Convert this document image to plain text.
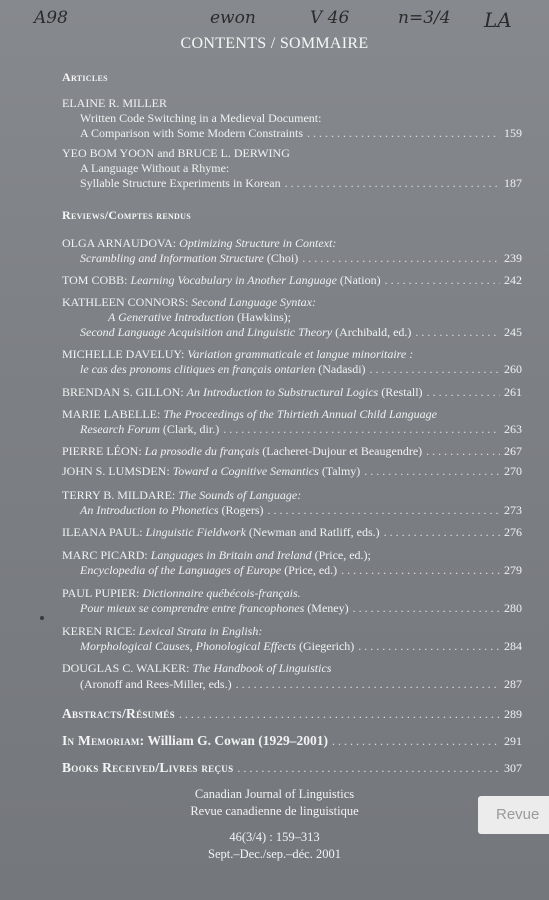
A98	ewon	V 46	n=3/4 LA
CONTENTS / SOMMAIRE
Articles
ELAINE R. MILLER
Written Code Switching in a Medieval Document:
A Comparison with Some Modern Constraints . . .	159
YEO BOM YOON and BRUCE L. DERWING
A Language Without a Rhyme:
Syllable Structure Experiments in Korean . . .	187
Reviews/Comptes rendus
OLGA ARNAUDOVA: Optimizing Structure in Context:
Scrambling and Information Structure (Choi) . . .	239
TOM COBB: Learning Vocabulary in Another Language (Nation) . . .	242
KATHLEEN CONNORS: Second Language Syntax:
A Generative Introduction (Hawkins);
Second Language Acquisition and Linguistic Theory (Archibald, ed.) . . .	245
MICHELLE DAVELUY: Variation grammaticale et langue minoritaire :
le cas des pronoms clitiques en français ontarien (Nadasdi) . . .	260
BRENDAN S. GILLON: An Introduction to Substructural Logics (Restall) . . .	261
MARIE LABELLE: The Proceedings of the Thirtieth Annual Child Language
Research Forum (Clark, dir.) . . .	263
PIERRE LÉON: La prosodie du français (Lacheret-Dujour et Beaugendre) . . .	267
JOHN S. LUMSDEN: Toward a Cognitive Semantics (Talmy) . . .	270
TERRY B. MILDARE: The Sounds of Language:
An Introduction to Phonetics (Rogers) . . .	273
ILEANA PAUL: Linguistic Fieldwork (Newman and Ratliff, eds.) . . .	276
MARC PICARD: Languages in Britain and Ireland (Price, ed.);
Encyclopedia of the Languages of Europe (Price, ed.) . . .	279
PAUL PUPIER: Dictionnaire québécois-français.
Pour mieux se comprendre entre francophones (Meney) . . .	280
KEREN RICE: Lexical Strata in English:
Morphological Causes, Phonological Effects (Giegerich) . . .	284
DOUGLAS C. WALKER: The Handbook of Linguistics
(Aronoff and Rees-Miller, eds.) . . .	287
Abstracts/Résumés . . .	289
In Memoriam: William G. Cowan (1929–2001) . . .	291
Books Received/Livres reçus . . .	307
Canadian Journal of Linguistics
Revue canadienne de linguistique
46(3/4) : 159–313
Sept.–Dec./sep.–déc. 2001
Revue
